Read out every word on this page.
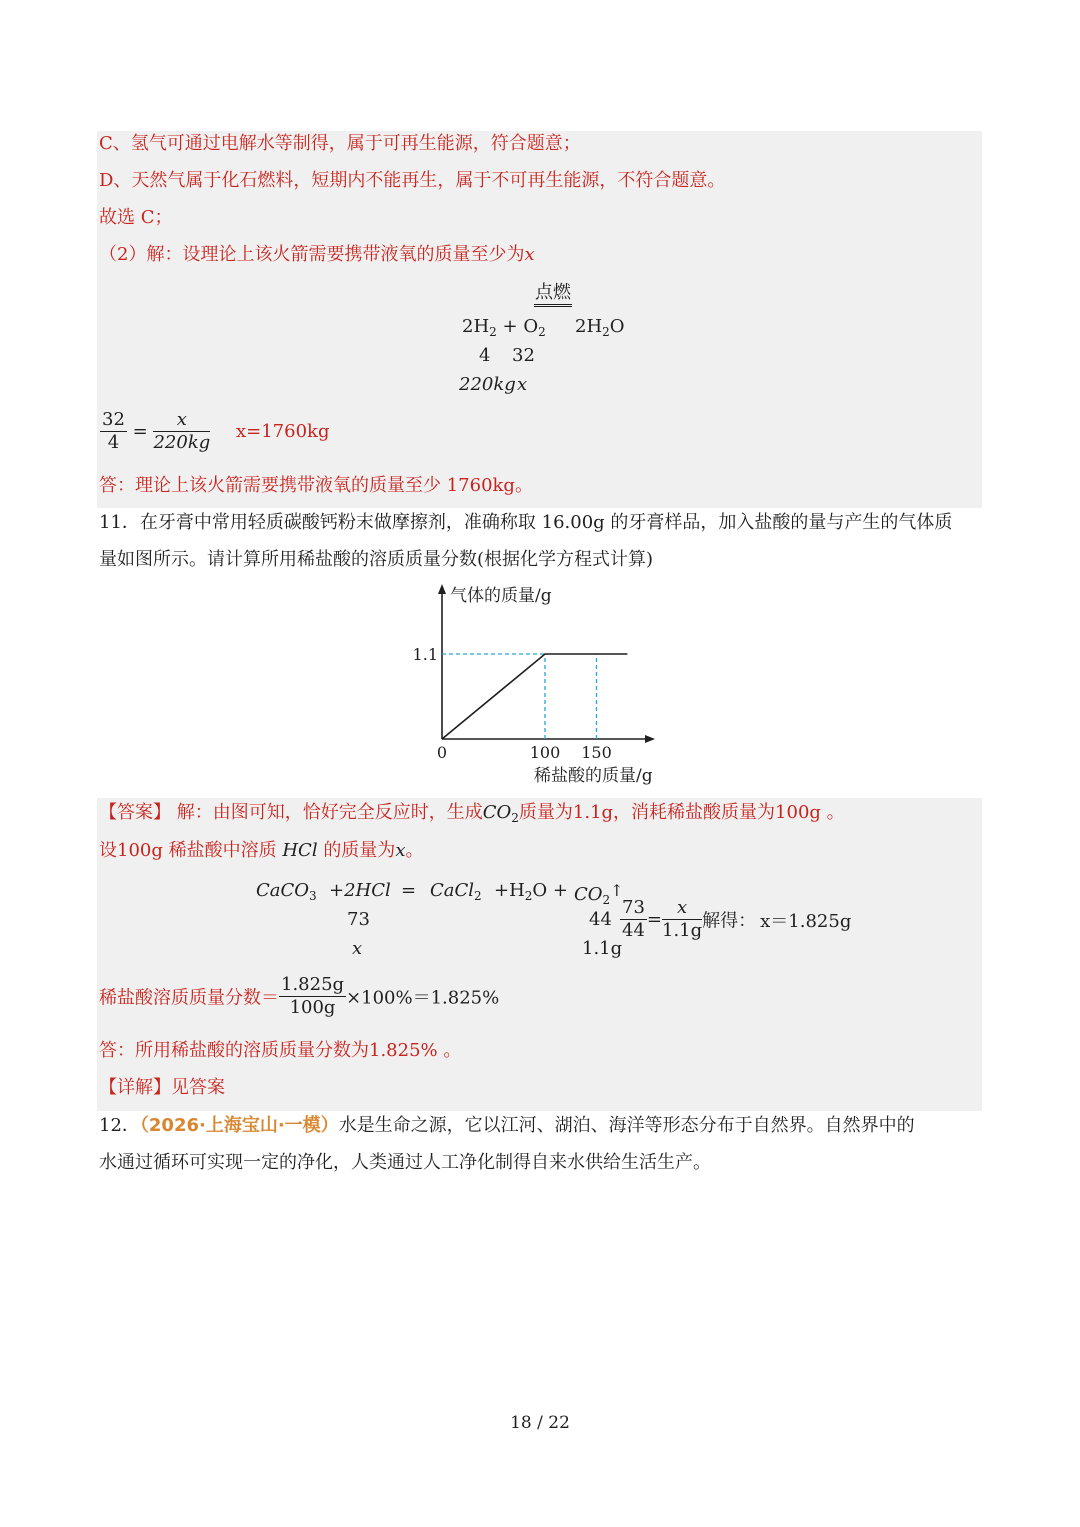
C、氢气可通过电解水等制得，属于可再生能源，符合题意；
D、天然气属于化石燃料，短期内不能再生，属于不可再生能源，不符合题意。
故选 C；
（2）解：设理论上该火箭需要携带液氧的质量至少为x
点燃
$2H_2 + O_2$ $2H_2O$
4 32
220kg x
$\frac{32}{4} = \frac{x}{220kg} x=1760kg$
答：理论上该火箭需要携带液氧的质量至少 1760kg。
11．在牙膏中常用轻质碳酸钙粉末做摩擦剂，准确称取 16.00g 的牙膏样品，加入盐酸的量与产生的气体质
量如图所示。请计算所用稀盐酸的溶质质量分数(根据化学方程式计算)
0	100 150
1.1
气体的质量/g
稀盐酸的质量/g
【答案】 解：由图可知，恰好完全反应时，生成$CO_2$质量为1.1g，消耗稀盐酸质量为100g 。
设100g 稀盐酸中溶质 HCl 的质量为x。
CaCO$_3$ +2HCl = CaCl$_2$ $+H_2O$ + $CO_2↑$
73	44
x	1.1g
$\frac{73}{44} = \frac{x}{1.1g}$ 解得： x＝1.825g
稀盐酸溶质质量分数＝ $\frac{1.825g}{100g} \times 100\%=1.825\%$
答：所用稀盐酸的溶质质量分数为1.825% 。
【详解】见答案
12．（2026·上海宝山·一模）水是生命之源，它以江河、湖泊、海洋等形态分布于自然界。自然界中的
水通过循环可实现一定的净化，人类通过人工净化制得自来水供给生活生产。
18 / 22
